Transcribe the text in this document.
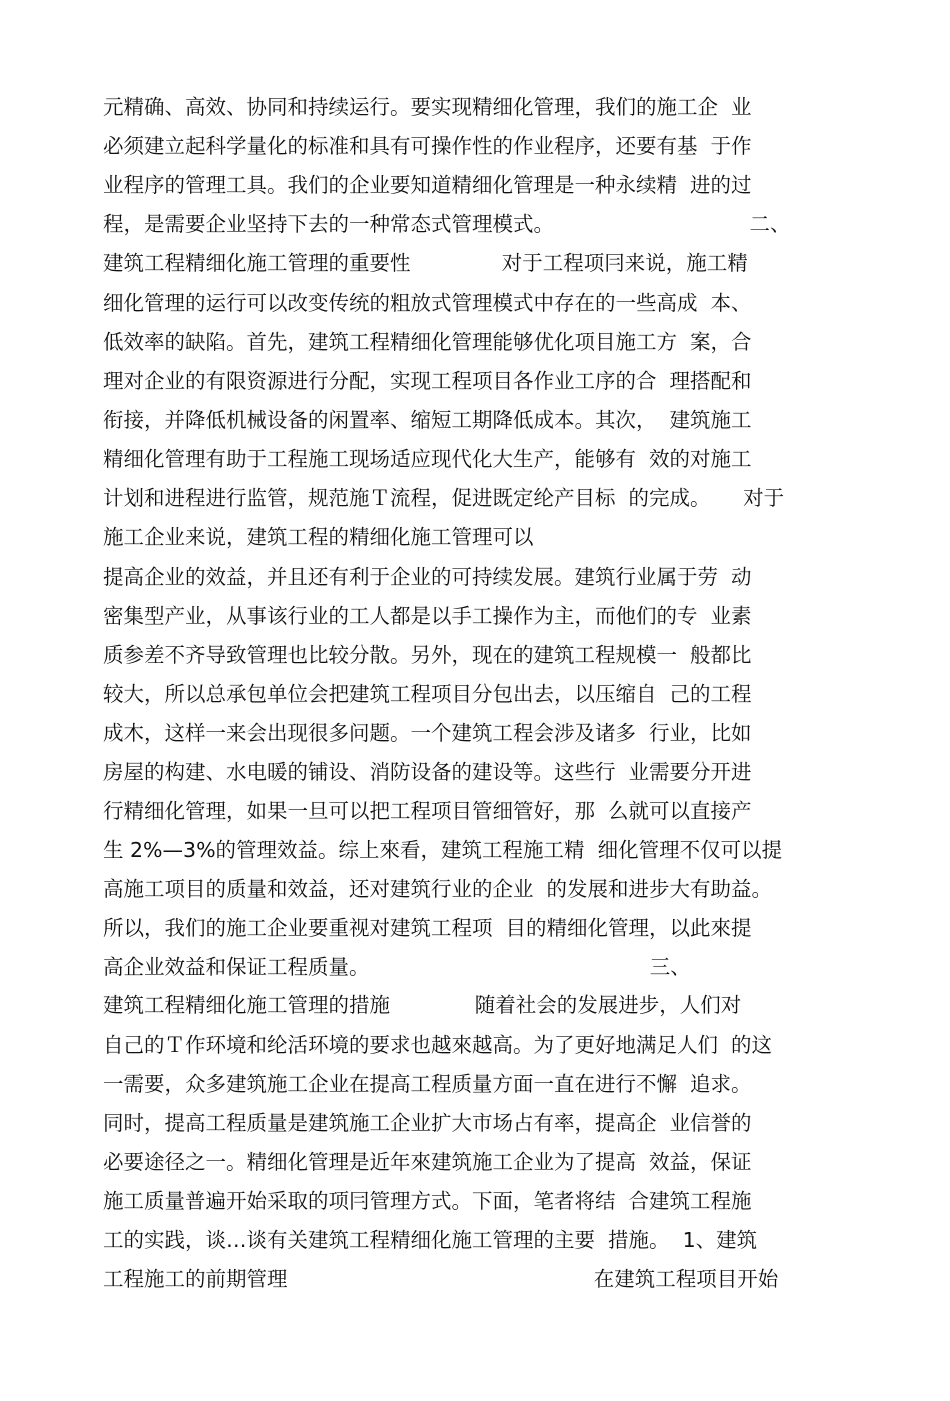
元精确、高效、协同和持续运行。要实现精细化管理，我们的施工企  业
必须建立起科学量化的标准和具有可操作性的作业程序，还要有基  于作
业程序的管理工具。我们的企业要知道精细化管理是一种永续精  进的过
程，是需要企业坚持下去的一种常态式管理模式。                              二、
建筑工程精细化施工管理的重要性              对于工程项冃来说，施工精
细化管理的运行可以改变传统的粗放式管理模式中存在的一些高成  本、
低效率的缺陷。首先，建筑工程精细化管理能够优化项目施工方  案，合
理对企业的有限资源进行分配，实现工程项目各作业工序的合  理搭配和
衔接，并降低机械设备的闲置率、缩短工期降低成本。其次，  建筑施工
精细化管理有助于工程施工现场适应现代化大生产，能够有  效的对施工
计划和进程进行监管，规范施Ｔ流程，促进既定纶产目标  的完成。     对于
施工企业来说，建筑工程的精细化施工管理可以
提高企业的效益，并且还有利于企业的可持续发展。建筑行业属于劳  动
密集型产业，从事该行业的工人都是以手工操作为主，而他们的专  业素
质参差不齐导致管理也比较分散。另外，现在的建筑工程规模一  般都比
较大，所以总承包单位会把建筑工程项目分包出去，以压缩自  己的工程
成木，这样一来会出现很多问题。一个建筑工程会涉及诸多  行业，比如
房屋的构建、水电暖的铺设、消防设备的建设等。这些行  业需要分开进
行精细化管理，如果一旦可以把工程项目管细管好，那  么就可以直接产
生 2%—3%的管理效益。综上來看，建筑工程施工精  细化管理不仅可以提
高施工项目的质量和效益，还对建筑行业的企业  的发展和进步大有助益。
所以，我们的施工企业要重视对建筑工程项  目的精细化管理，以此來提
高企业效益和保证工程质量。                                           三、
建筑工程精细化施工管理的措施             随着社会的发展进步，人们对
自己的Ｔ作环境和纶活环境的要求也越來越高。为了更好地满足人们  的这
一需要，众多建筑施工企业在提高工程质量方面一直在进行不懈  追求。
同时，提高工程质量是建筑施工企业扩大市场占有率，提高企  业信誉的
必要途径之一。精细化管理是近年來建筑施工企业为了提高  效益，保证
施工质量普遍开始采取的项冃管理方式。下面，笔者将结  合建筑工程施
工的实践，谈…谈有关建筑工程精细化施工管理的主要  措施。  1、建筑
工程施工的前期管理                                               在建筑工程项目开始
